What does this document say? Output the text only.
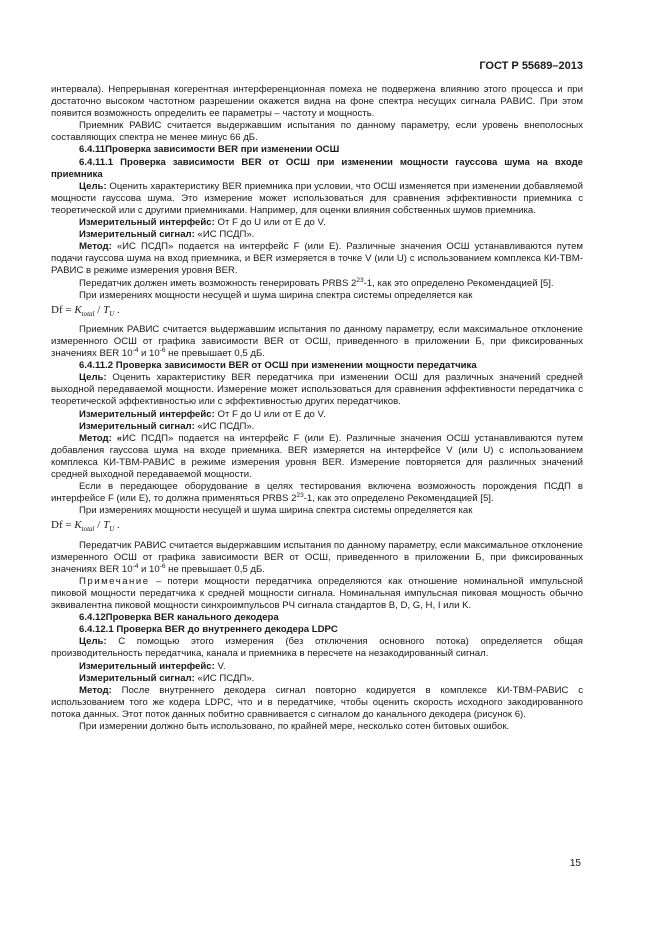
ГОСТ Р 55689–2013

интервала). Непрерывная когерентная интерференционная помеха не подвержена влиянию этого процесса и при достаточно высоком частотном разрешении окажется видна на фоне спектра несущих сигнала РАВИС. При этом появится возможность определить ее параметры – частоту и мощность.

Приемник РАВИС считается выдержавшим испытания по данному параметру, если уровень внеполосных составляющих спектра не менее минус 66 дБ.

6.4.11Проверка зависимости BER при изменении ОСШ

6.4.11.1 Проверка зависимости BER от ОСШ при изменении мощности гауссова шума на входе приемника

Цель: Оценить характеристику BER приемника при условии, что ОСШ изменяется при изменении добавляемой мощности гауссова шума. Это измерение может использоваться для сравнения эффективности приемника с теоретической или с другими приемниками. Например, для оценки влияния собственных шумов приемника.

Измерительный интерфейс: От F до U или от E до V.

Измерительный сигнал: «ИС ПСДП».

Метод: «ИС ПСДП» подается на интерфейс F (или E). Различные значения ОСШ устанавливаются путем подачи гауссова шума на вход приемника, и BER измеряется в точке V (или U) с использованием комплекса КИ-ТВМ-РАВИС в режиме измерения уровня BER.

Передатчик должен иметь возможность генерировать PRBS $2^{23}-1$, как это определено Рекомендацией [5].

При измерениях мощности несущей и шума ширина спектра системы определяется как

$Df = K_{total} / T_U$ .

Приемник РАВИС считается выдержавшим испытания по данному параметру, если максимальное отклонение измеренного ОСШ от графика зависимости BER от ОСШ, приведенного в приложении Б, при фиксированных значениях BER $10^{-4}$ и $10^{-6}$ не превышает 0,5 дБ.

6.4.11.2 Проверка зависимости BER от ОСШ при изменении мощности передатчика

Цель: Оценить характеристику BER передатчика при изменении ОСШ для различных значений средней выходной передаваемой мощности. Измерение может использоваться для сравнения эффективности передатчика с теоретической эффективностью или с эффективностью других передатчиков.

Измерительный интерфейс: От F до U или от E до V.

Измерительный сигнал: «ИС ПСДП».

Метод: «ИС ПСДП» подается на интерфейс F (или E). Различные значения ОСШ устанавливаются путем добавления гауссова шума на входе приемника. BER измеряется на интерфейсе V (или U) с использованием комплекса КИ-ТВМ-РАВИС в режиме измерения уровня BER. Измерение повторяется для различных значений средней выходной передаваемой мощности.

Если в передающее оборудование в целях тестирования включена возможность порождения ПСДП в интерфейсе F (или E), то должна применяться PRBS $2^{23}-1$, как это определено Рекомендацией [5].

При измерениях мощности несущей и шума ширина спектра системы определяется как

$Df = K_{total} / T_U$ .

Передатчик РАВИС считается выдержавшим испытания по данному параметру, если максимальное отклонение измеренного ОСШ от графика зависимости BER от ОСШ, приведенного в приложении Б, при фиксированных значениях BER $10^{-4}$ и $10^{-6}$ не превышает 0,5 дБ.

Примечание – потери мощности передатчика определяются как отношение номинальной импульсной пиковой мощности передатчика к средней мощности сигнала. Номинальная импульсная пиковая мощность обычно эквивалентна пиковой мощности синхроимпульсов РЧ сигнала стандартов B, D, G, H, I или K.

6.4.12Проверка BER канального декодера

6.4.12.1 Проверка BER до внутреннего декодера LDPC

Цель: С помощью этого измерения (без отключения основного потока) определяется общая производительность передатчика, канала и приемника в пересчете на незакодированный сигнал.

Измерительный интерфейс: V.

Измерительный сигнал: «ИС ПСДП».

Метод: После внутреннего декодера сигнал повторно кодируется в комплексе КИ-ТВМ-РАВИС с использованием того же кодера LDPC, что и в передатчике, чтобы оценить скорость исходного закодированного потока данных. Этот поток данных побитно сравнивается с сигналом до канального декодера (рисунок 6).

При измерении должно быть использовано, по крайней мере, несколько сотен битовых ошибок.

15
